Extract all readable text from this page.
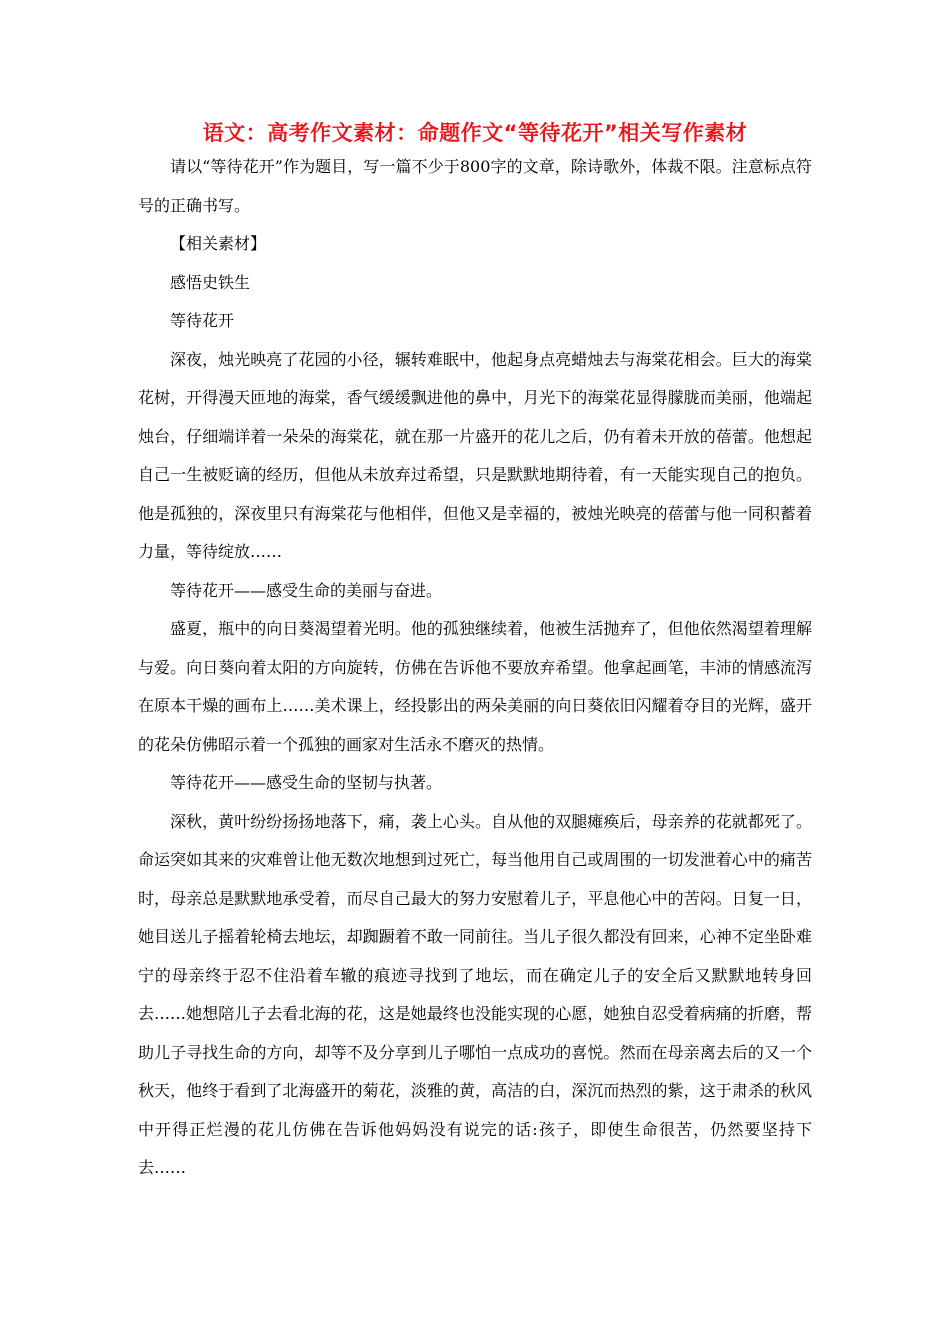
语文：高考作文素材：命题作文“等待花开”相关写作素材

请以“等待花开”作为题目，写一篇不少于800字的文章，除诗歌外，体裁不限。注意标点符号的正确书写。

【相关素材】

感悟史铁生

等待花开

深夜，烛光映亮了花园的小径，辗转难眠中，他起身点亮蜡烛去与海棠花相会。巨大的海棠花树，开得漫天匝地的海棠，香气缓缓飘进他的鼻中，月光下的海棠花显得朦胧而美丽，他端起烛台，仔细端详着一朵朵的海棠花，就在那一片盛开的花儿之后，仍有着未开放的蓓蕾。他想起自己一生被贬谪的经历，但他从未放弃过希望，只是默默地期待着，有一天能实现自己的抱负。他是孤独的，深夜里只有海棠花与他相伴，但他又是幸福的，被烛光映亮的蓓蕾与他一同积蓄着力量，等待绽放……

等待花开——感受生命的美丽与奋进。

盛夏，瓶中的向日葵渴望着光明。他的孤独继续着，他被生活抛弃了，但他依然渴望着理解与爱。向日葵向着太阳的方向旋转，仿佛在告诉他不要放弃希望。他拿起画笔，丰沛的情感流泻在原本干燥的画布上……美术课上，经投影出的两朵美丽的向日葵依旧闪耀着夺目的光辉，盛开的花朵仿佛昭示着一个孤独的画家对生活永不磨灭的热情。

等待花开——感受生命的坚韧与执著。

深秋，黄叶纷纷扬扬地落下，痛，袭上心头。自从他的双腿瘫痪后，母亲养的花就都死了。命运突如其来的灾难曾让他无数次地想到过死亡，每当他用自己或周围的一切发泄着心中的痛苦时，母亲总是默默地承受着，而尽自己最大的努力安慰着儿子，平息他心中的苦闷。日复一日，她目送儿子摇着轮椅去地坛，却踟蹰着不敢一同前往。当儿子很久都没有回来，心神不定坐卧难宁的母亲终于忍不住沿着车辙的痕迹寻找到了地坛，而在确定儿子的安全后又默默地转身回去……她想陪儿子去看北海的花，这是她最终也没能实现的心愿，她独自忍受着病痛的折磨，帮助儿子寻找生命的方向，却等不及分享到儿子哪怕一点成功的喜悦。然而在母亲离去后的又一个秋天，他终于看到了北海盛开的菊花，淡雅的黄，高洁的白，深沉而热烈的紫，这于肃杀的秋风中开得正烂漫的花儿仿佛在告诉他妈妈没有说完的话:孩子，即使生命很苦，仍然要坚持下去……
